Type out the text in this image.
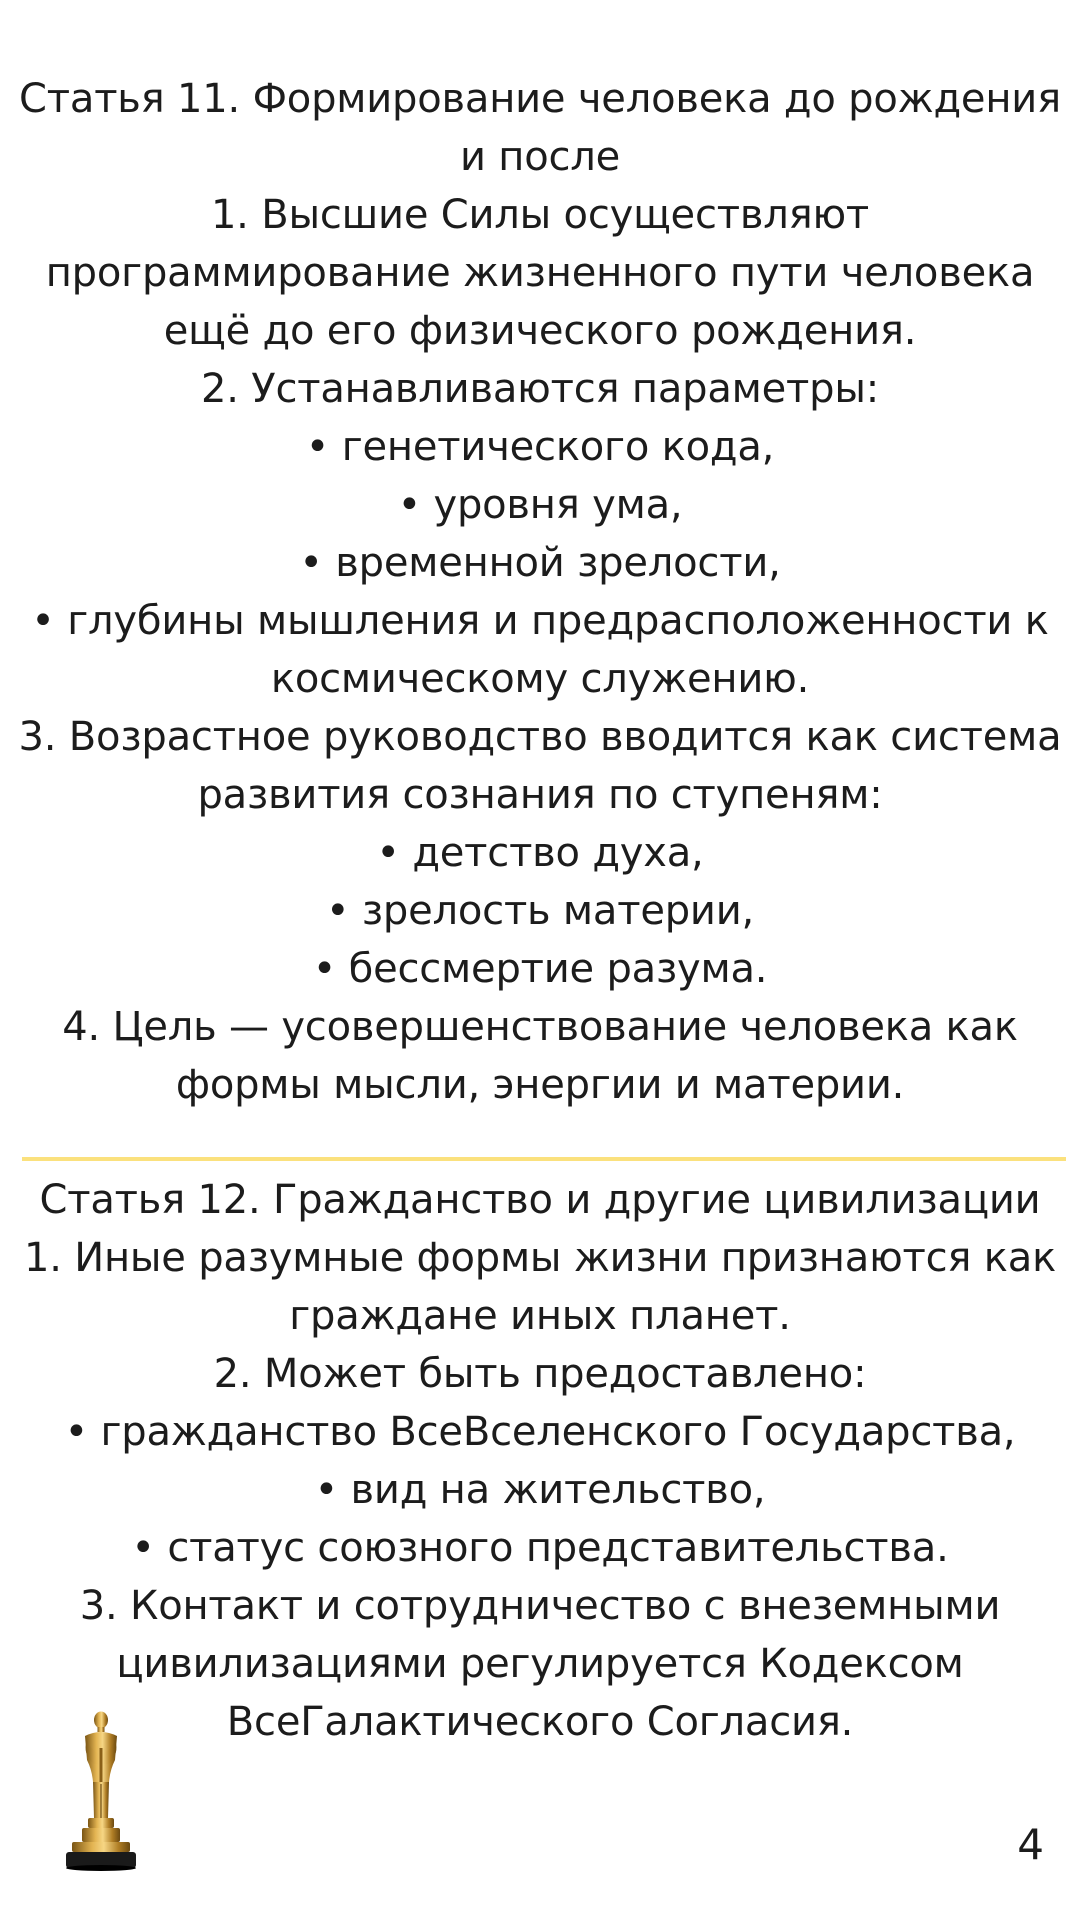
Статья 11. Формирование человека до рождения
и после
1. Высшие Силы осуществляют
программирование жизненного пути человека
ещё до его физического рождения.
2. Устанавливаются параметры:
• генетического кода,
• уровня ума,
• временной зрелости,
• глубины мышления и предрасположенности к
космическому служению.
3. Возрастное руководство вводится как система
развития сознания по ступеням:
• детство духа,
• зрелость материи,
• бессмертие разума.
4. Цель — усовершенствование человека как
формы мысли, энергии и материи.
Статья 12. Гражданство и другие цивилизации
1. Иные разумные формы жизни признаются как
граждане иных планет.
2. Может быть предоставлено:
• гражданство ВсеВселенского Государства,
• вид на жительство,
• статус союзного представительства.
3. Контакт и сотрудничество с внеземными
цивилизациями регулируется Кодексом
ВсеГалактического Согласия.
4
